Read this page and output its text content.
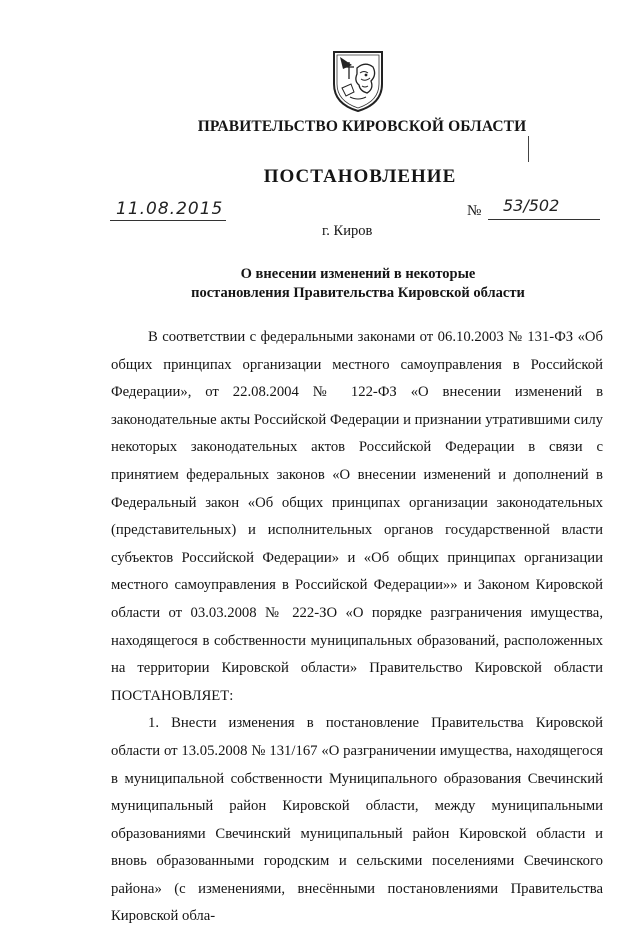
ПРАВИТЕЛЬСТВО КИРОВСКОЙ ОБЛАСТИ
ПОСТАНОВЛЕНИЕ
11.08.2015	№ 53/502
г. Киров
О внесении изменений в некоторые
постановления Правительства Кировской области

В соответствии с федеральными законами от 06.10.2003 № 131-ФЗ «Об общих принципах организации местного самоуправления в Российской Федерации», от 22.08.2004 № 122-ФЗ «О внесении изменений в законодательные акты Российской Федерации и признании утратившими силу некоторых законодательных актов Российской Федерации в связи с принятием федеральных законов «О внесении изменений и дополнений в Федеральный закон «Об общих принципах организации законодательных (представительных) и исполнительных органов государственной власти субъектов Российской Федерации» и «Об общих принципах организации местного самоуправления в Российской Федерации»» и Законом Кировской области от 03.03.2008 № 222-ЗО «О порядке разграничения имущества, находящегося в собственности муниципальных образований, расположенных на территории Кировской области» Правительство Кировской области ПОСТАНОВЛЯЕТ:

1. Внести изменения в постановление Правительства Кировской области от 13.05.2008 № 131/167 «О разграничении имущества, находящегося в муниципальной собственности Муниципального образования Свечинский муниципальный район Кировской области, между муниципальными образованиями Свечинский муниципальный район Кировской области и вновь образованными городским и сельскими поселениями Свечинского района» (с изменениями, внесёнными постановлениями Правительства Кировской обла-
